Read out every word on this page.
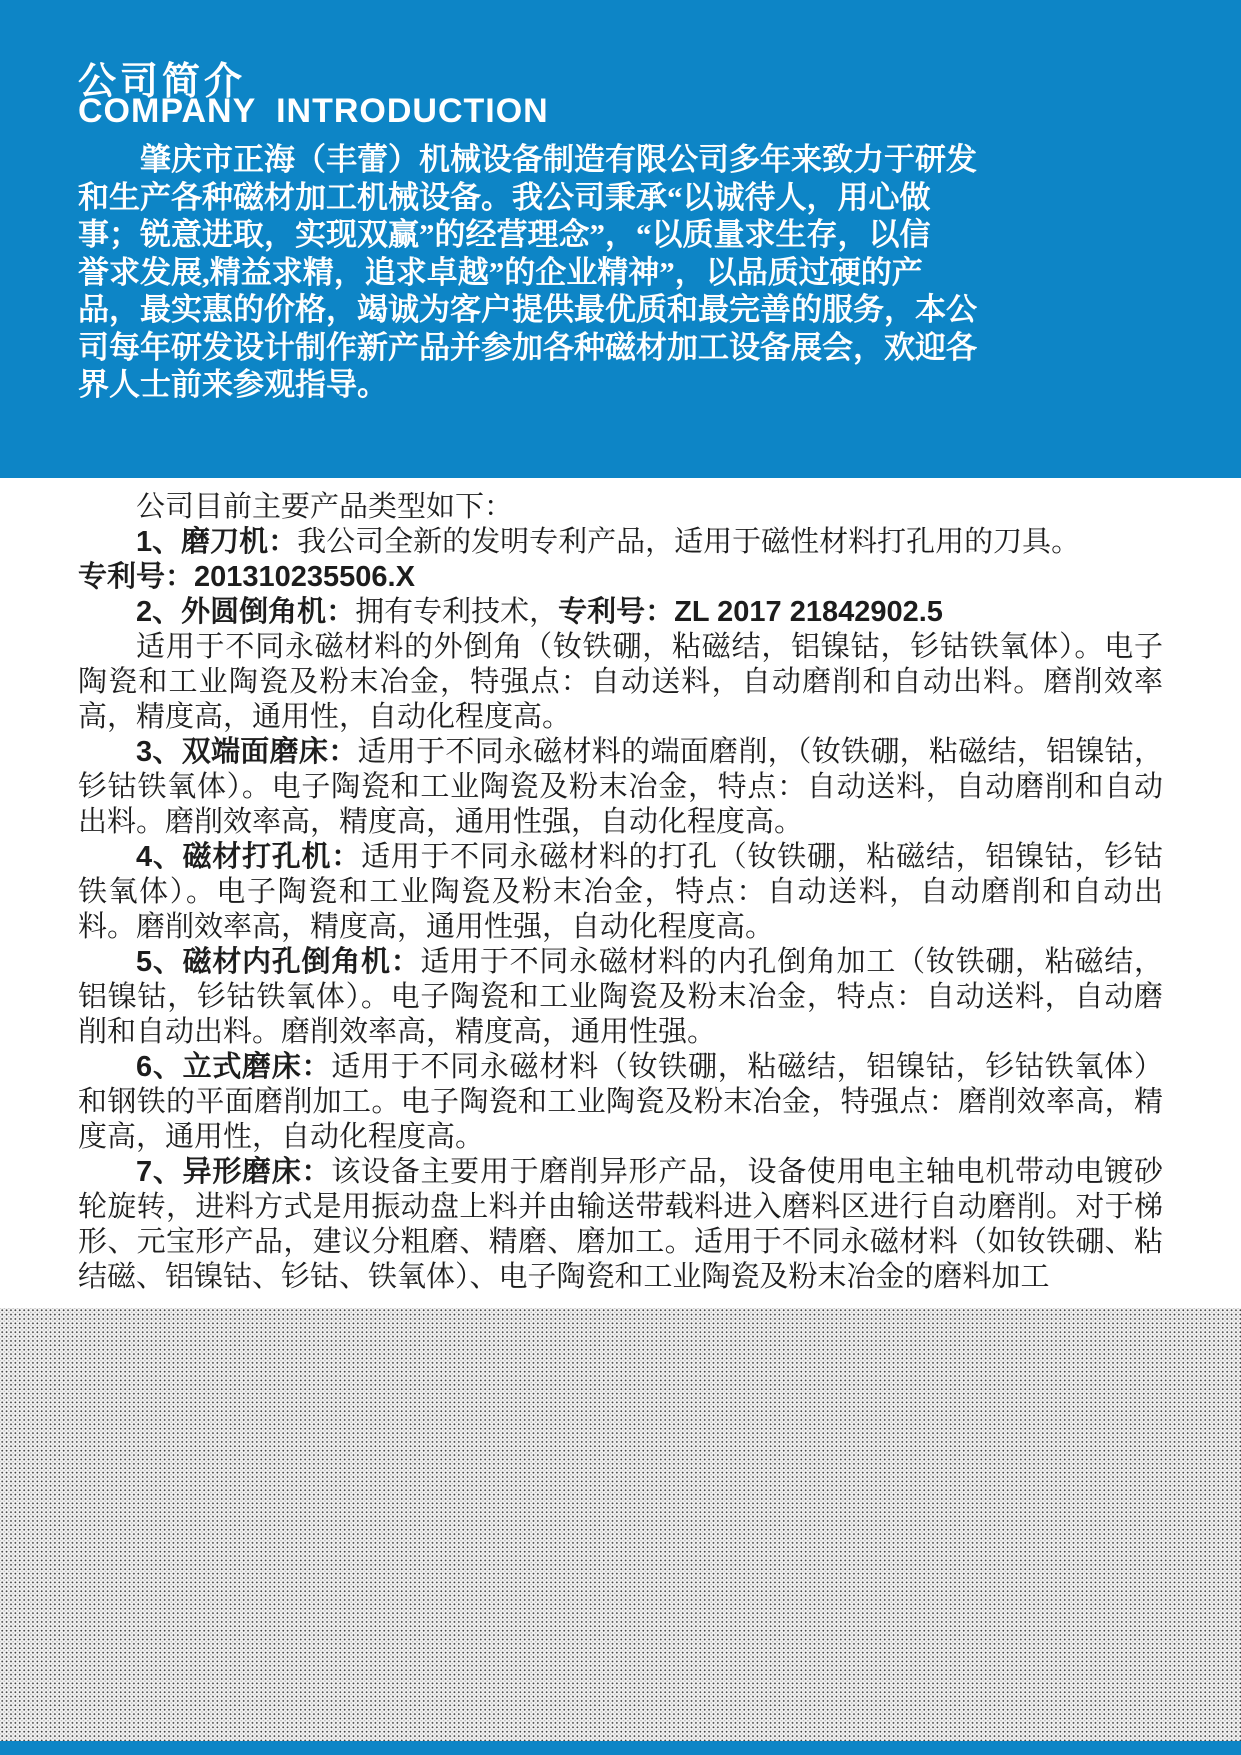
公司简介
COMPANY INTRODUCTION
肇庆市正海（丰蕾）机械设备制造有限公司多年来致力于研发
和生产各种磁材加工机械设备。我公司秉承“以诚待人，用心做
事；锐意进取，实现双赢”的经营理念”，“以质量求生存，以信
誉求发展,精益求精，追求卓越”的企业精神”，以品质过硬的产
品，最实惠的价格，竭诚为客户提供最优质和最完善的服务，本公
司每年研发设计制作新产品并参加各种磁材加工设备展会，欢迎各
界人士前来参观指导。

公司目前主要产品类型如下：

1、磨刀机：我公司全新的发明专利产品，适用于磁性材料打孔用的刀具。
专利号：201310235506.X

2、外圆倒角机：拥有专利技术，专利号：ZL 2017 21842902.5

适用于不同永磁材料的外倒角（钕铁硼，粘磁结，铝镍钴，钐钴铁氧体）。电子陶瓷和工业陶瓷及粉末冶金，特强点：自动送料，自动磨削和自动出料。磨削效率高，精度高，通用性，自动化程度高。

3、双端面磨床：适用于不同永磁材料的端面磨削，（钕铁硼，粘磁结，铝镍钴，钐钴铁氧体）。电子陶瓷和工业陶瓷及粉末冶金，特点：自动送料，自动磨削和自动出料。磨削效率高，精度高，通用性强，自动化程度高。

4、磁材打孔机：适用于不同永磁材料的打孔（钕铁硼，粘磁结，铝镍钴，钐钴铁氧体）。电子陶瓷和工业陶瓷及粉末冶金，特点：自动送料，自动磨削和自动出料。磨削效率高，精度高，通用性强，自动化程度高。

5、磁材内孔倒角机：适用于不同永磁材料的内孔倒角加工（钕铁硼，粘磁结，铝镍钴，钐钴铁氧体）。电子陶瓷和工业陶瓷及粉末冶金，特点：自动送料，自动磨削和自动出料。磨削效率高，精度高，通用性强。

6、立式磨床：适用于不同永磁材料（钕铁硼，粘磁结，铝镍钴，钐钴铁氧体）和钢铁的平面磨削加工。电子陶瓷和工业陶瓷及粉末冶金，特强点：磨削效率高，精度高，通用性，自动化程度高。

7、异形磨床：该设备主要用于磨削异形产品，设备使用电主轴电机带动电镀砂轮旋转，进料方式是用振动盘上料并由输送带载料进入磨料区进行自动磨削。对于梯形、元宝形产品，建议分粗磨、精磨、磨加工。适用于不同永磁材料（如钕铁硼、粘结磁、铝镍钴、钐钴、铁氧体）、电子陶瓷和工业陶瓷及粉末冶金的磨料加工
